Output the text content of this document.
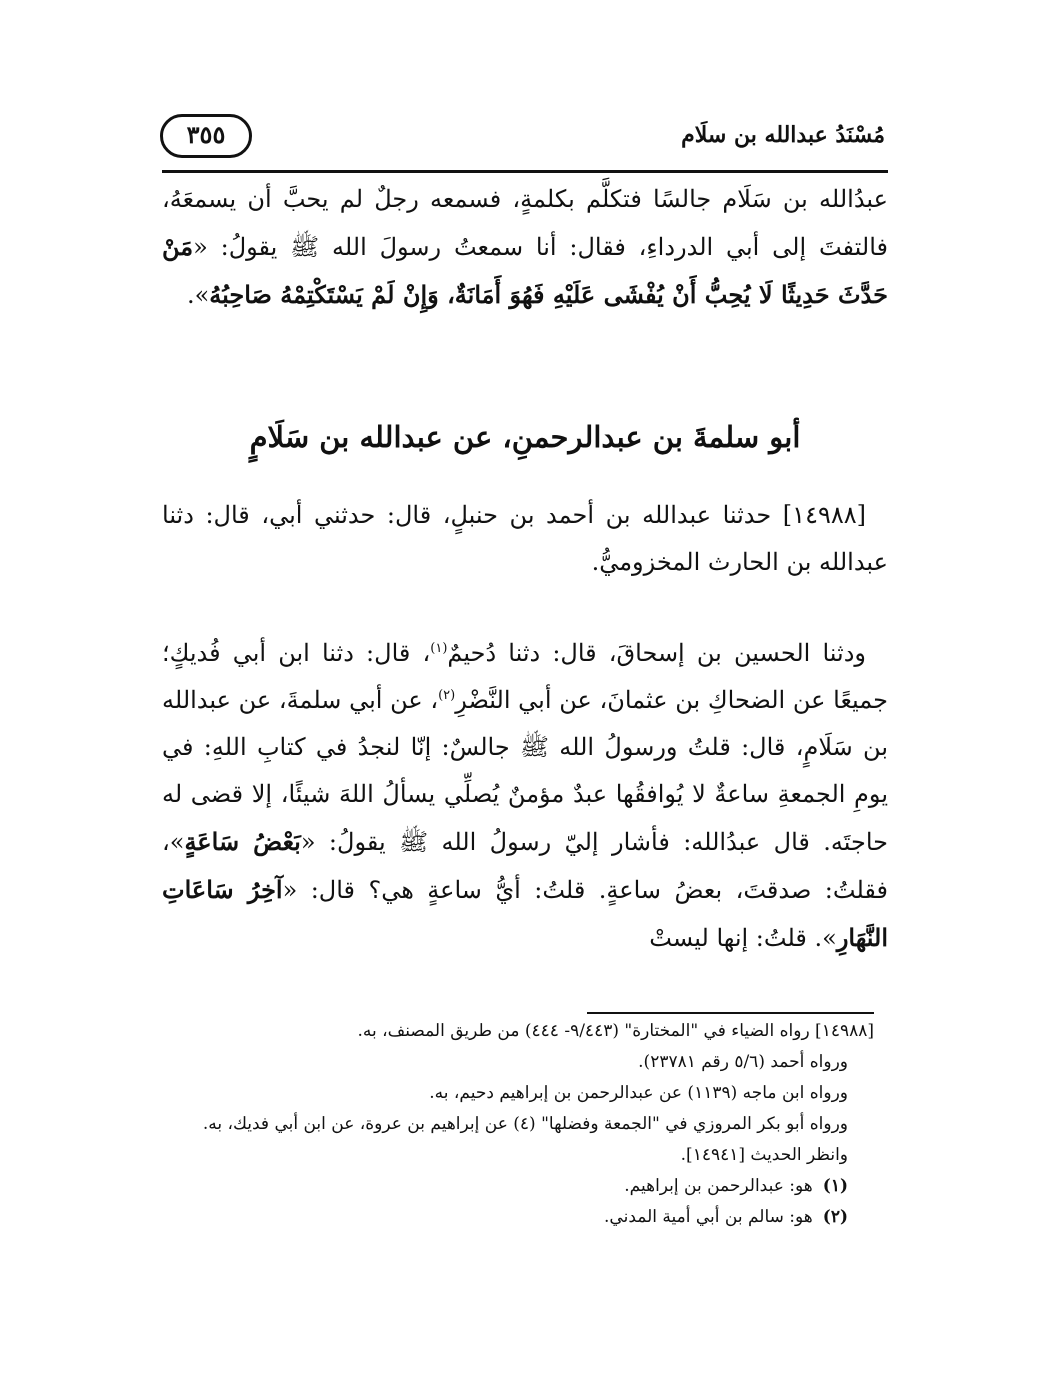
مُسْنَدُ عبدالله بن سلَام
٣٥٥
عبدُالله بن سَلَام جالسًا فتكلَّم بكلمةٍ، فسمعه رجلٌ لم يحبَّ أن يسمعَهُ، فالتفتَ إلى أبي الدرداءِ، فقال: أنا سمعتُ رسولَ الله ﷺ يقولُ: «مَنْ حَدَّثَ حَدِيثًا لَا يُحِبُّ أَنْ يُفْشَى عَلَيْهِ فَهُوَ أَمَانَةٌ، وَإِنْ لَمْ يَسْتَكْتِمْهُ صَاحِبُهُ».
أبو سلمةَ بن عبدالرحمنِ، عن عبدالله بن سَلَامٍ
[١٤٩٨٨] حدثنا عبدالله بن أحمد بن حنبلٍ، قال: حدثني أبي، قال: دثنا عبدالله بن الحارث المخزوميُّ.
ودثنا الحسين بن إسحاقَ، قال: دثنا دُحيمٌ$^{(١)}$، قال: دثنا ابن أبي فُديكٍ؛ جميعًا عن الضحاكِ بن عثمانَ، عن أبي النَّضْرِ$^{(٢)}$، عن أبي سلمةَ، عن عبدالله بن سَلَامٍ، قال: قلتُ ورسولُ الله ﷺ جالسٌ: إنّا لنجدُ في كتابِ اللهِ: في يومِ الجمعةِ ساعةٌ لا يُوافقُها عبدٌ مؤمنٌ يُصلِّي يسألُ اللهَ شيئًا، إلا قضى له حاجتَه. قال عبدُالله: فأشار إليّ رسولُ الله ﷺ يقولُ: «بَعْضُ سَاعَةٍ»، فقلتُ: صدقتَ، بعضُ ساعةٍ. قلتُ: أيُّ ساعةٍ هي؟ قال: «آخِرُ سَاعَاتِ النَّهَارِ». قلتُ: إنها ليستْ
[١٤٩٨٨] رواه الضياء في "المختارة" (٩/٤٤٣- ٤٤٤) من طريق المصنف، به.
ورواه أحمد (٥/٦ رقم ٢٣٧٨١).
ورواه ابن ماجه (١١٣٩) عن عبدالرحمن بن إبراهيم دحيم، به.
ورواه أبو بكر المروزي في "الجمعة وفضلها" (٤) عن إبراهيم بن عروة، عن ابن أبي فديك، به. وانظر الحديث [١٤٩٤١].
(١)هو: عبدالرحمن بن إبراهيم.
(٢)هو: سالم بن أبي أمية المدني.
